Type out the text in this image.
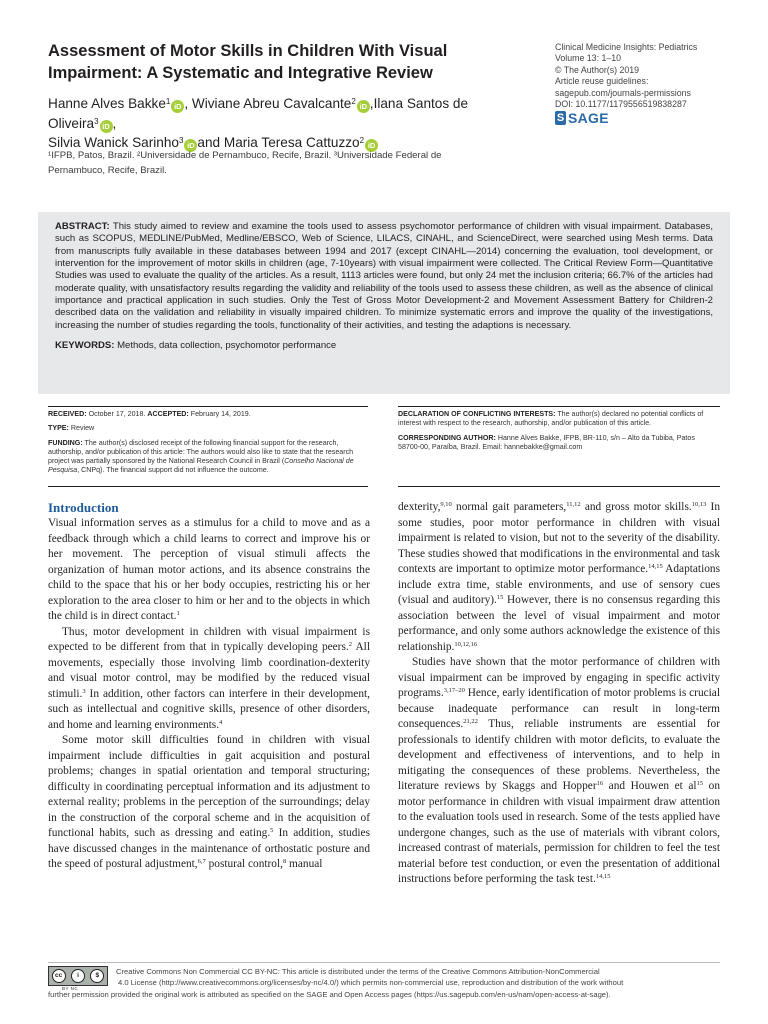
Assessment of Motor Skills in Children With Visual Impairment: A Systematic and Integrative Review
Hanne Alves Bakke$^1$iD , Wiviane Abreu Cavalcante$^2$iD ,Ilana Santos de Oliveira$^3$iD ,
Silvia Wanick Sarinho$^3$iD and Maria Teresa Cattuzzo$^2$iD

¹IFPB, Patos, Brazil. ²Universidade de Pernambuco, Recife, Brazil. ³Universidade Federal de Pernambuco, Recife, Brazil.
Clinical Medicine Insights: Pediatrics
Volume 13: 1–10
© The Author(s) 2019
Article reuse guidelines:
sagepub.com/journals-permissions
DOI: 10.1177/1179556519838287
S SAGE

ABSTRACT: This study aimed to review and examine the tools used to assess psychomotor performance of children with visual impairment. Databases, such as SCOPUS, MEDLINE/PubMed, Medline/EBSCO, Web of Science, LILACS, CINAHL, and ScienceDirect, were searched using Mesh terms. Data from manuscripts fully available in these databases between 1994 and 2017 (except CINAHL—2014) concerning the evaluation, tool development, or intervention for the improvement of motor skills in children (age, 7-10years) with visual impairment were collected. The Critical Review Form—Quantitative Studies was used to evaluate the quality of the articles. As a result, 1113 articles were found, but only 24 met the inclusion criteria; 66.7% of the articles had moderate quality, with unsatisfactory results regarding the validity and reliability of the tools used to assess these children, as well as the absence of clinical importance and practical application in such studies. Only the Test of Gross Motor Development-2 and Movement Assessment Battery for Children-2 described data on the validation and reliability in visually impaired children. To minimize systematic errors and improve the quality of the investigations, increasing the number of studies regarding the tools, functionality of their activities, and testing the adaptions is necessary.

KEYWORDS: Methods, data collection, psychomotor performance

RECEIVED: October 17, 2018. ACCEPTED: February 14, 2019.

TYPE: Review

FUNDING: The author(s) disclosed receipt of the following financial support for the research, authorship, and/or publication of this article: The authors would also like to state that the research project was partially sponsored by the National Research Council in Brazil (Conselho Nacional de Pesquisa, CNPq). The financial support did not influence the outcome.

DECLARATION OF CONFLICTING INTERESTS: The author(s) declared no potential conflicts of interest with respect to the research, authorship, and/or publication of this article.

CORRESPONDING AUTHOR: Hanne Alves Bakke, IFPB, BR-110, s/n – Alto da Tubiba, Patos 58700-00, Paraíba, Brazil. Email: hannebakke@gmail.com

Introduction

Visual information serves as a stimulus for a child to move and as a feedback through which a child learns to correct and improve his or her movement. The perception of visual stimuli affects the organization of human motor actions, and its absence constrains the child to the space that his or her body occupies, restricting his or her exploration to the area closer to him or her and to the objects in which the child is in direct contact.$^1$

Thus, motor development in children with visual impairment is expected to be different from that in typically developing peers.$^2$ All movements, especially those involving limb coordination-dexterity and visual motor control, may be modified by the reduced visual stimuli.$^3$ In addition, other factors can interfere in their development, such as intellectual and cognitive skills, presence of other disorders, and home and learning environments.$^4$

Some motor skill difficulties found in children with visual impairment include difficulties in gait acquisition and postural problems; changes in spatial orientation and temporal structuring; difficulty in coordinating perceptual information and its adjustment to external reality; problems in the perception of the surroundings; delay in the construction of the corporal scheme and in the acquisition of functional habits, such as dressing and eating.$^5$ In addition, studies have discussed changes in the maintenance of orthostatic posture and the speed of postural adjustment,$^{6,7}$ postural control,$^8$ manual

dexterity,$^{9,10}$ normal gait parameters,$^{11,12}$ and gross motor skills.$^{10,13}$ In some studies, poor motor performance in children with visual impairment is related to vision, but not to the severity of the disability. These studies showed that modifications in the environmental and task contexts are important to optimize motor performance.$^{14,15}$ Adaptations include extra time, stable environments, and use of sensory cues (visual and auditory).$^{15}$ However, there is no consensus regarding this association between the level of visual impairment and motor performance, and only some authors acknowledge the existence of this relationship.$^{10,12,16}$

Studies have shown that the motor performance of children with visual impairment can be improved by engaging in specific activity programs.$^{3,17-20}$ Hence, early identification of motor problems is crucial because inadequate performance can result in long-term consequences.$^{21,22}$ Thus, reliable instruments are essential for professionals to identify children with motor deficits, to evaluate the development and effectiveness of interventions, and to help in mitigating the consequences of these problems. Nevertheless, the literature reviews by Skaggs and Hopper$^{16}$ and Houwen et $al^{15}$ on motor performance in children with visual impairment draw attention to the evaluation tools used in research. Some of the tests applied have undergone changes, such as the use of materials with vibrant colors, increased contrast of materials, permission for children to feel the test material before test conduction, or even the presentation of additional instructions before performing the task test.$^{14,15}$

cc	i	$
BY NC
Creative Commons Non Commercial CC BY-NC: This article is distributed under the terms of the Creative Commons Attribution-NonCommercial
4.0 License (http://www.creativecommons.org/licenses/by-nc/4.0/) which permits non-commercial use, reproduction and distribution of the work without
further permission provided the original work is attributed as specified on the SAGE and Open Access pages (https://us.sagepub.com/en-us/nam/open-access-at-sage).
